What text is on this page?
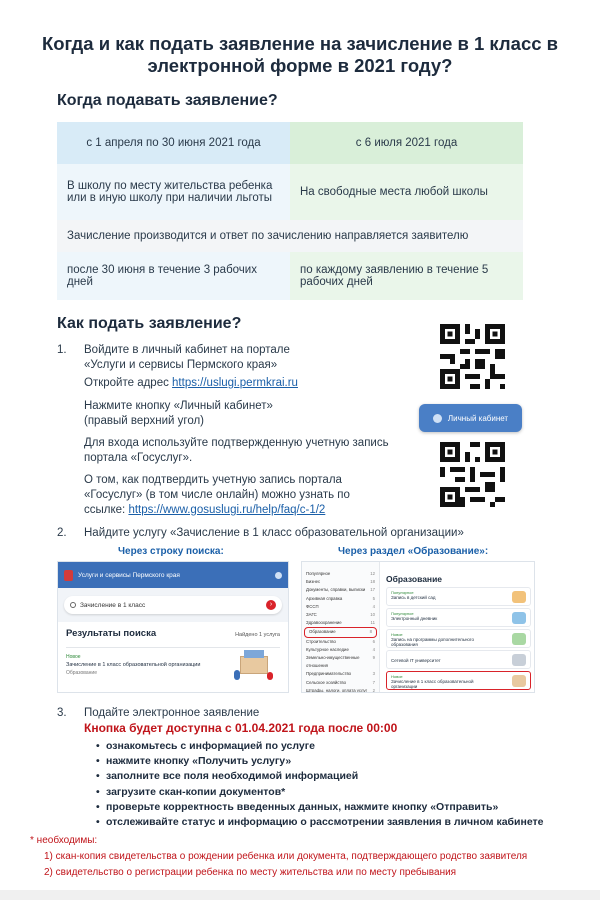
Когда и как подать заявление на зачисление в 1 класс в электронной форме в 2021 году?
Когда подавать заявление?
с 1 апреля по 30 июня 2021 года	с 6 июля 2021 года
В школу по месту жительства ребенка или в иную школу при наличии льготы	На свободные места любой школы
Зачисление производится и ответ по зачислению направляется заявителю	
после 30 июня в течение 3 рабочих дней	по каждому заявлению в течение 5 рабочих дней
Как подать заявление?
1. Войдите в личный кабинет на портале «Услуги и сервисы Пермского края»
Откройте адрес https://uslugi.permkrai.ru
Нажмите кнопку «Личный кабинет» (правый верхний угол)
Для входа используйте подтвержденную учетную запись портала «Госуслуг».
О том, как подтвердить учетную запись портала «Госуслуг» (в том числе онлайн) можно узнать по ссылке: https://www.gosuslugi.ru/help/faq/c-1/2
Личный кабинет
2. Найдите услугу «Зачисление в 1 класс образовательной организации»
Через строку поиска:	Через раздел «Образование»:
Услуги и сервисы Пермского края
Зачисление в 1 класс	›
Результаты поиска	Найдено 1 услуга
Новое
Зачисление в 1 класс образовательной организации
Образование
Популярное	12
Бизнес	18
Документы, справки, выписки 17
Архивная справка	5
ФССП	4
ЗАГС	10
Здравоохранение	11
Образование	8
Строительство	6
Культурное наследие	4
Земельно-имущественные отношения
9
Предпринимательство	3
Сельское хозяйство	7
Штрафы, налоги, оплата услуг 2
Образование
Популярное
Запись в детский сад
Популярное
Электронный дневник
Новое
Запись на программы дополнительного образования
Сетевой IT университет
Новое
Зачисление в 1 класс образовательной организации
3. Подайте электронное заявление
Кнопка будет доступна с 01.04.2021 года после 00:00
• ознакомьтесь с информацией по услуге
• нажмите кнопку «Получить услугу»
• заполните все поля необходимой информацией
• загрузите скан-копии документов*
• проверьте корректность введенных данных, нажмите кнопку «Отправить»
• отслеживайте статус и информацию о рассмотрении заявления в личном кабинете
* необходимы:
1) скан-копия свидетельства о рождении ребенка или документа, подтверждающего родство заявителя
2) свидетельство о регистрации ребенка по месту жительства или по месту пребывания
